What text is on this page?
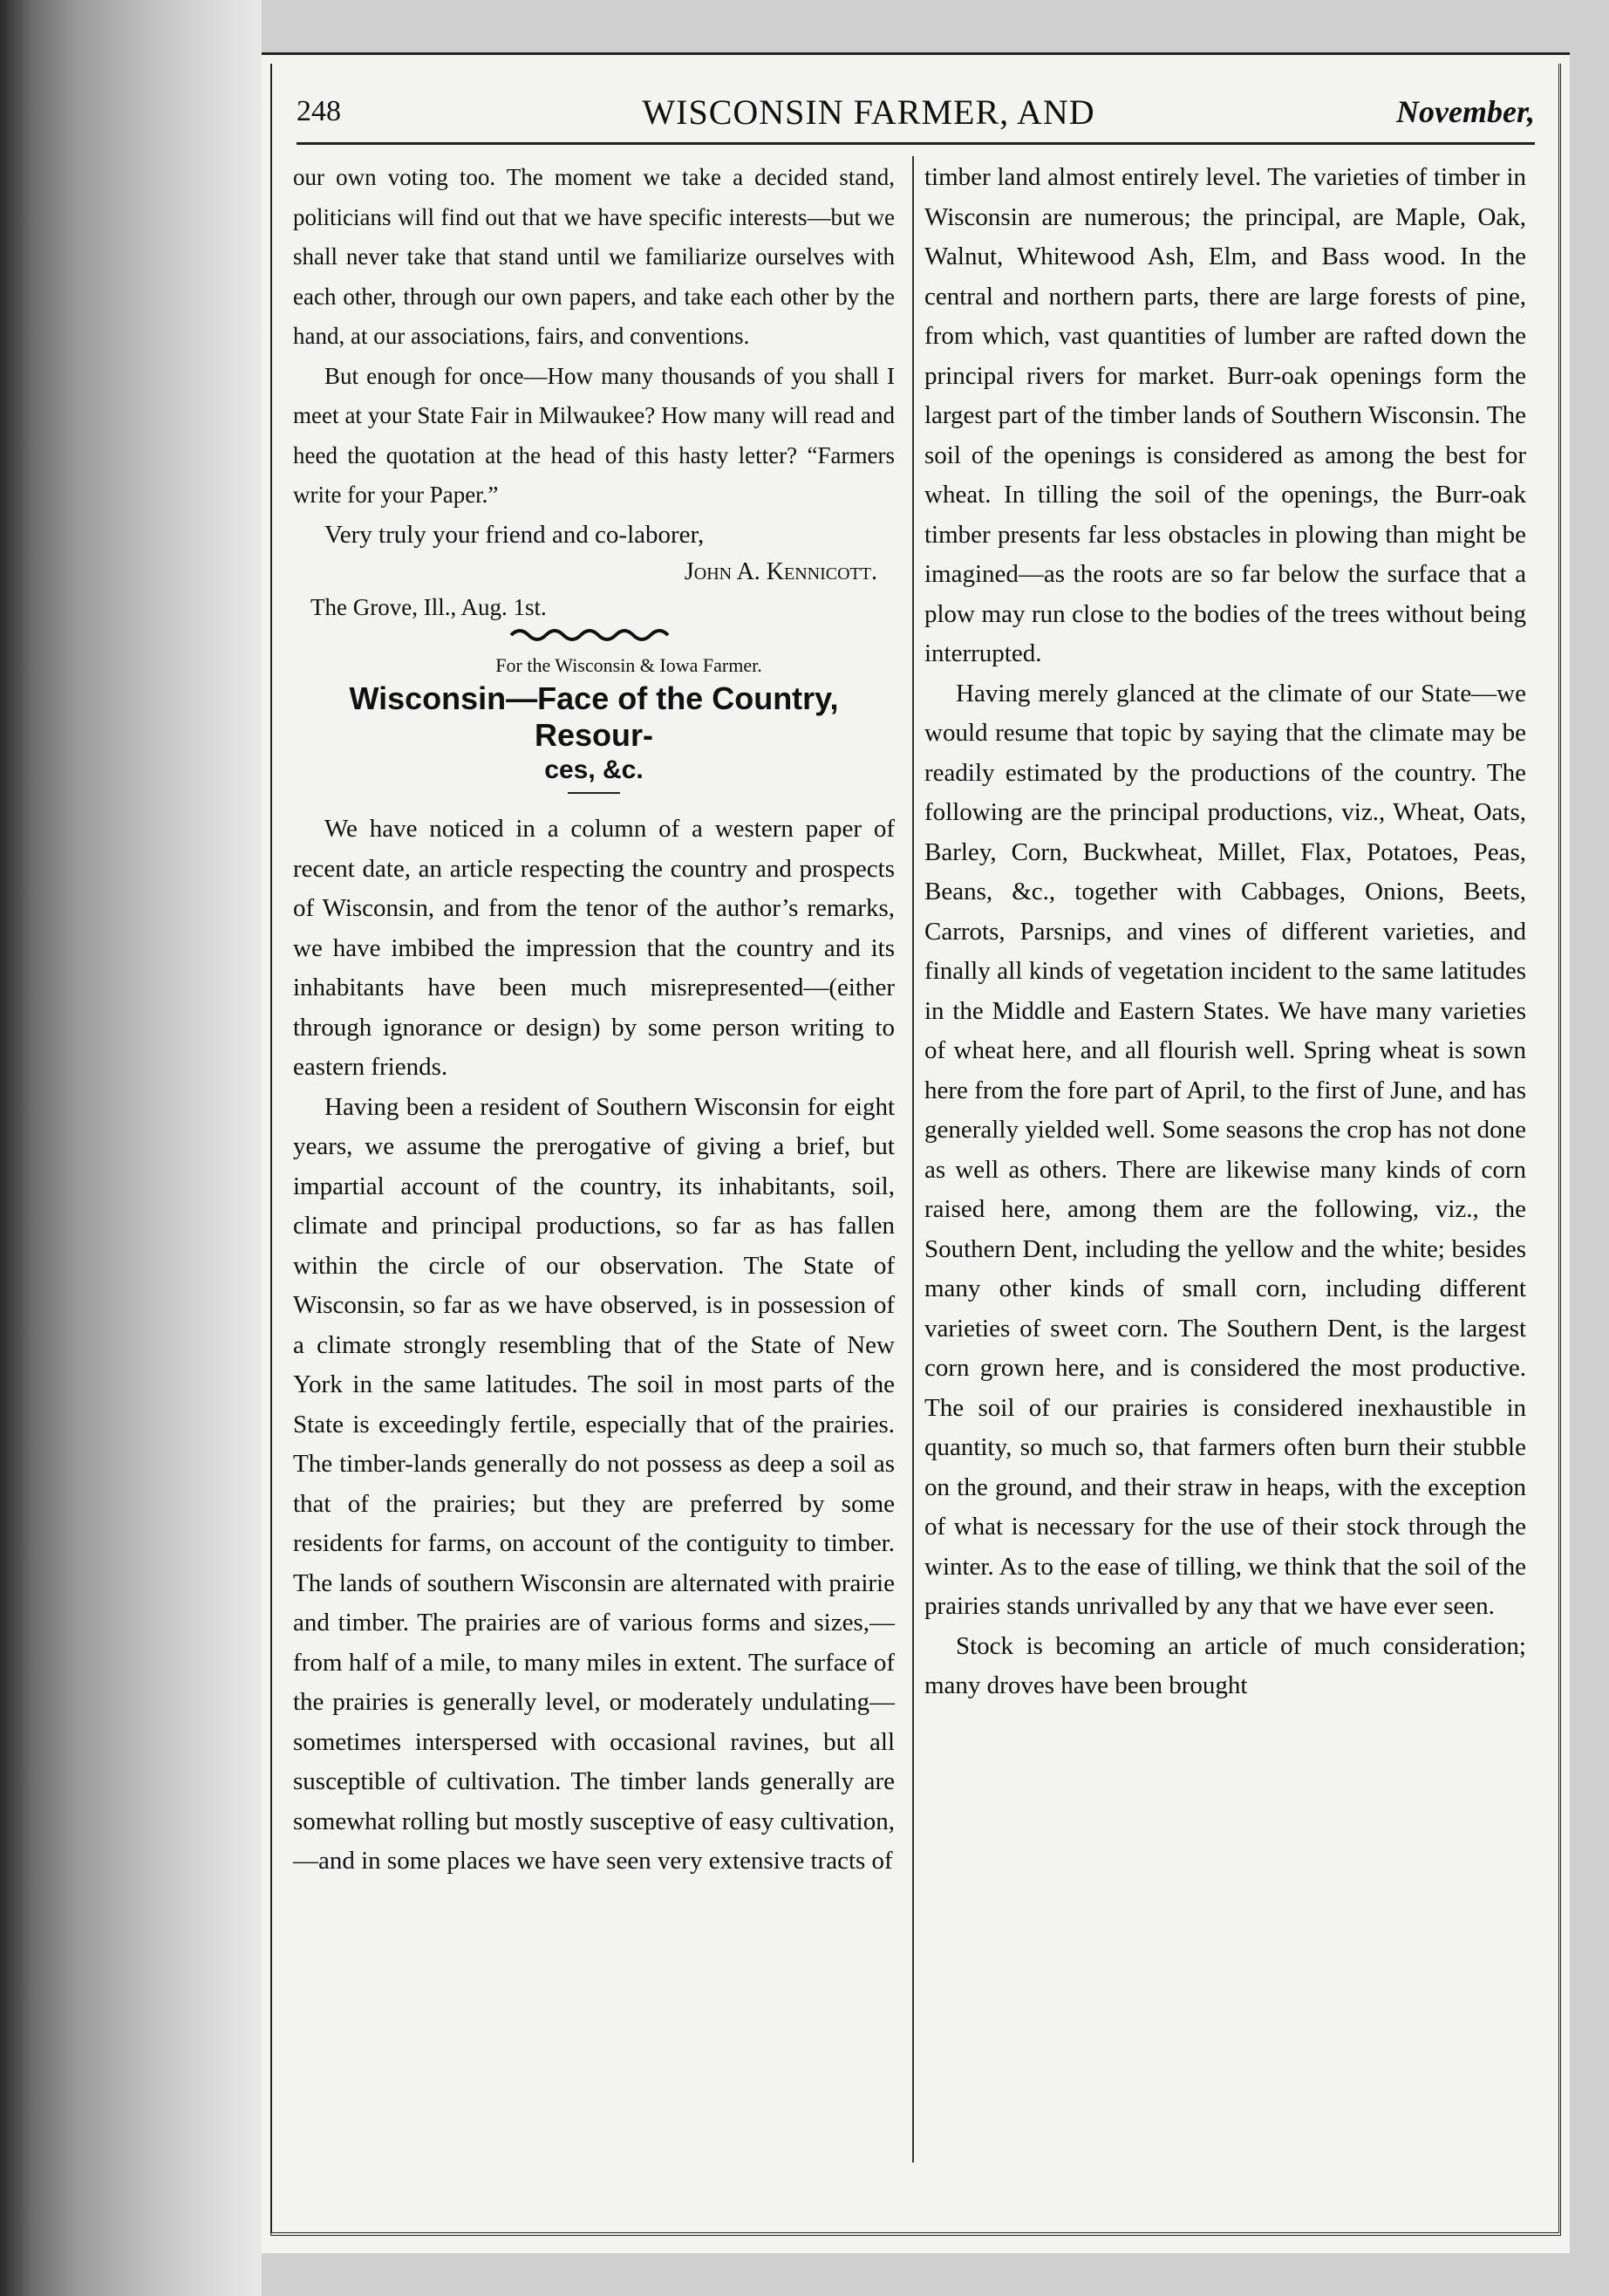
248	WISCONSIN FARMER, AND	November,

our own voting too. The moment we take a decided stand, politicians will find out that we have specific interests—but we shall never take that stand until we familiarize ourselves with each other, through our own papers, and take each other by the hand, at our associations, fairs, and conventions.

But enough for once—How many thousands of you shall I meet at your State Fair in Milwaukee? How many will read and heed the quotation at the head of this hasty letter? “Farmers write for your Paper.”

Very truly your friend and co-laborer,

John A. Kennicott.
The Grove, Ill., Aug. 1st.
For the Wisconsin & Iowa Farmer.
Wisconsin—Face of the Country, Resour-
ces, &c.

We have noticed in a column of a western paper of recent date, an article respecting the country and prospects of Wisconsin, and from the tenor of the author’s remarks, we have imbibed the impression that the country and its inhabitants have been much misrepresented—(either through ignorance or design) by some person writing to eastern friends.

Having been a resident of Southern Wisconsin for eight years, we assume the prerogative of giving a brief, but impartial account of the country, its inhabitants, soil, climate and principal productions, so far as has fallen within the circle of our observation. The State of Wisconsin, so far as we have observed, is in possession of a climate strongly resembling that of the State of New York in the same latitudes. The soil in most parts of the State is exceedingly fertile, especially that of the prairies. The timber-lands generally do not possess as deep a soil as that of the prairies; but they are preferred by some residents for farms, on account of the contiguity to timber. The lands of southern Wisconsin are alternated with prairie and timber. The prairies are of various forms and sizes,—from half of a mile, to many miles in extent. The surface of the prairies is generally level, or moderately undulating—sometimes interspersed with occasional ravines, but all susceptible of cultivation. The timber lands generally are somewhat rolling but mostly susceptive of easy cultivation,—and in some places we have seen very extensive tracts of

timber land almost entirely level. The varieties of timber in Wisconsin are numerous; the principal, are Maple, Oak, Walnut, Whitewood Ash, Elm, and Bass wood. In the central and northern parts, there are large forests of pine, from which, vast quantities of lumber are rafted down the principal rivers for market. Burr-oak openings form the largest part of the timber lands of Southern Wisconsin. The soil of the openings is considered as among the best for wheat. In tilling the soil of the openings, the Burr-oak timber presents far less obstacles in plowing than might be imagined—as the roots are so far below the surface that a plow may run close to the bodies of the trees without being interrupted.

Having merely glanced at the climate of our State—we would resume that topic by saying that the climate may be readily estimated by the productions of the country. The following are the principal productions, viz., Wheat, Oats, Barley, Corn, Buckwheat, Millet, Flax, Potatoes, Peas, Beans, &c., together with Cabbages, Onions, Beets, Carrots, Parsnips, and vines of different varieties, and finally all kinds of vegetation incident to the same latitudes in the Middle and Eastern States. We have many varieties of wheat here, and all flourish well. Spring wheat is sown here from the fore part of April, to the first of June, and has generally yielded well. Some seasons the crop has not done as well as others. There are likewise many kinds of corn raised here, among them are the following, viz., the Southern Dent, including the yellow and the white; besides many other kinds of small corn, including different varieties of sweet corn. The Southern Dent, is the largest corn grown here, and is considered the most productive. The soil of our prairies is considered inexhaustible in quantity, so much so, that farmers often burn their stubble on the ground, and their straw in heaps, with the exception of what is necessary for the use of their stock through the winter. As to the ease of tilling, we think that the soil of the prairies stands unrivalled by any that we have ever seen.

Stock is becoming an article of much consideration; many droves have been brought
